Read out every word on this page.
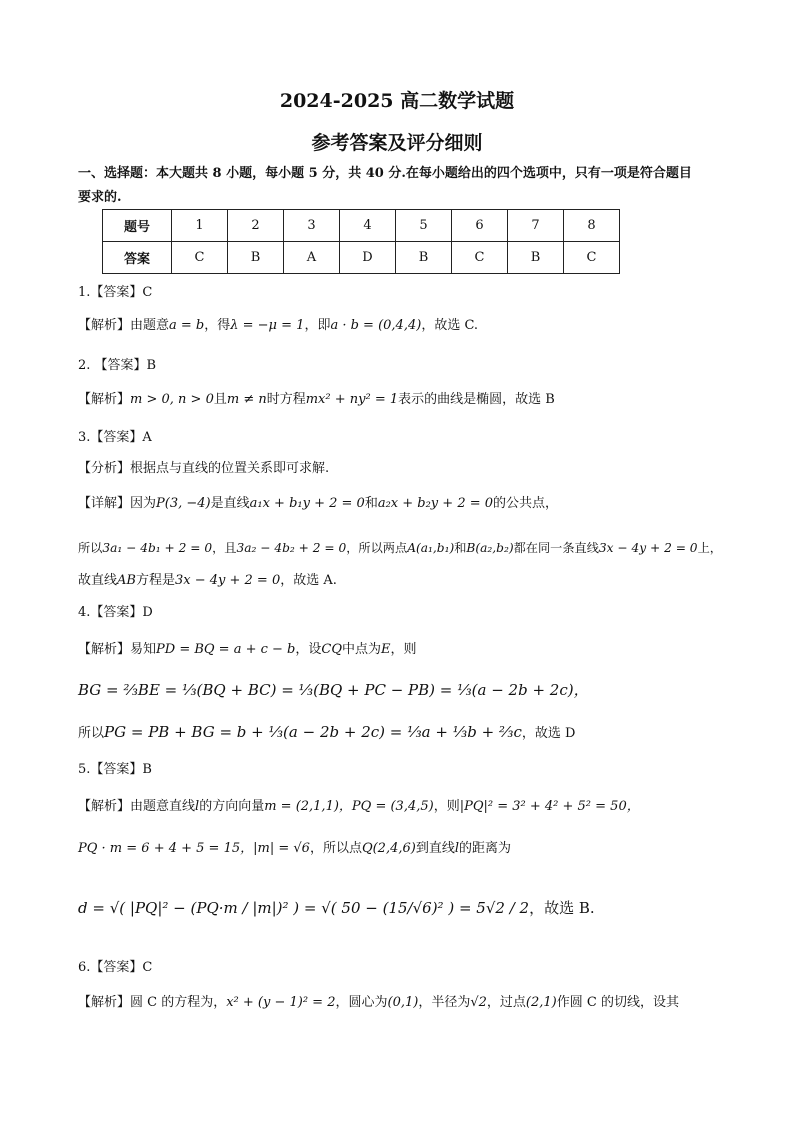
2024-2025 高二数学试题
参考答案及评分细则
一、选择题：本大题共 8 小题，每小题 5 分，共 40 分.在每小题给出的四个选项中，只有一项是符合题目
要求的.
题号	1	2	3	4	5	6	7	8
答案	C	B	A	D	B	C	B	C
1.【答案】C
【解析】由题意a = b，得λ = −μ = 1，即a · b = (0,4,4)，故选 C.
2. 【答案】B
【解析】m > 0, n > 0且m ≠ n时方程mx² + ny² = 1表示的曲线是椭圆，故选 B
3.【答案】A
【分析】根据点与直线的位置关系即可求解.
【详解】因为P(3, −4)是直线a₁x + b₁y + 2 = 0和a₂x + b₂y + 2 = 0的公共点，
所以3a₁ − 4b₁ + 2 = 0，且3a₂ − 4b₂ + 2 = 0，所以两点A(a₁,b₁)和B(a₂,b₂)都在同一条直线3x − 4y + 2 = 0上，
故直线AB方程是3x − 4y + 2 = 0，故选 A.
4.【答案】D
【解析】易知PD = BQ = a + c − b，设CQ中点为E，则
BG = ⅔BE = ⅓(BQ + BC) = ⅓(BQ + PC − PB) = ⅓(a − 2b + 2c)，
所以PG = PB + BG = b + ⅓(a − 2b + 2c) = ⅓a + ⅓b + ⅔c，故选 D
5.【答案】B
【解析】由题意直线l的方向向量m = (2,1,1)，PQ = (3,4,5)，则|PQ|² = 3² + 4² + 5² = 50，
PQ · m = 6 + 4 + 5 = 15，|m| = √6，所以点Q(2,4,6)到直线l的距离为
d = √( |PQ|² − (PQ·m / |m|)² ) = √( 50 − (15/√6)² ) = 5√2 / 2，故选 B.
6.【答案】C
【解析】圆 C 的方程为，x² + (y − 1)² = 2，圆心为(0,1)，半径为√2，过点(2,1)作圆 C 的切线，设其
